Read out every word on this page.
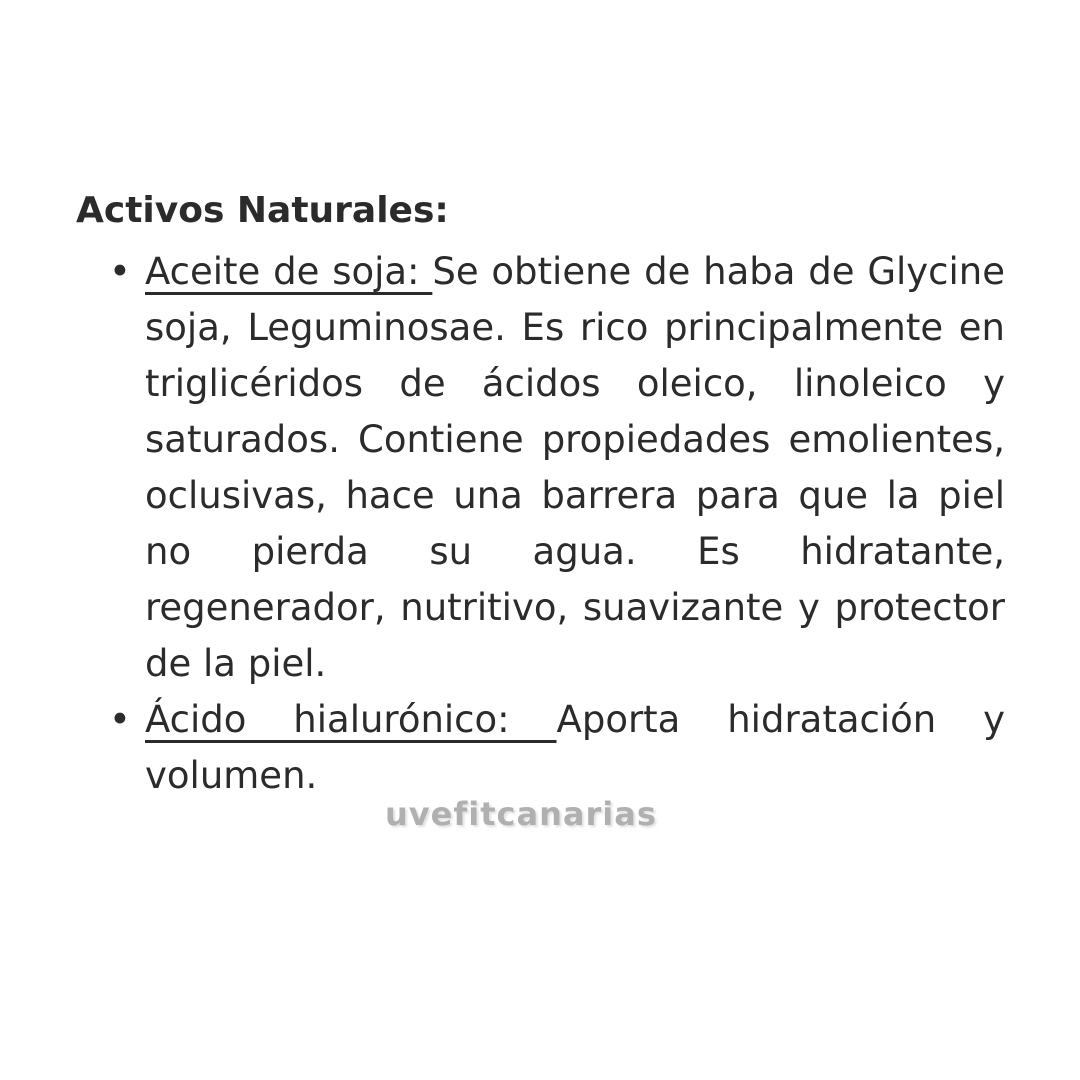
Activos Naturales:
• Aceite de soja: Se obtiene de haba de Glycine soja, Leguminosae. Es rico principalmente en triglicéridos de ácidos oleico, linoleico y saturados. Contiene propiedades emolientes, oclusivas, hace una barrera para que la piel no pierda su agua. Es hidratante, regenerador, nutritivo, suavizante y protector de la piel.
• Ácido hialurónico: Aporta hidratación y volumen.
uvefitcanarias
